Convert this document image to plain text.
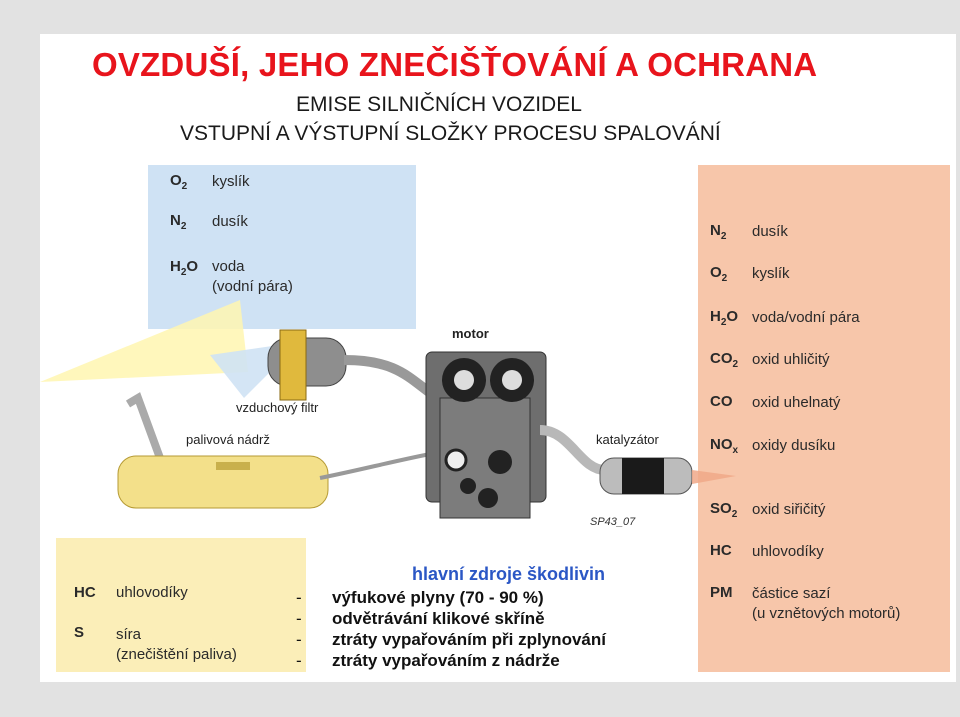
OVZDUŠÍ, JEHO ZNEČIŠŤOVÁNÍ A OCHRANA
EMISE SILNIČNÍCH VOZIDEL
VSTUPNÍ A VÝSTUPNÍ SLOŽKY PROCESU SPALOVÁNÍ
$O_2$ kyslík
$N_2$ dusík
$H_2O$ voda
(vodní pára)
HC uhlovodíky
S síra
(znečištění paliva)
$N_2$ dusík
$O_2$ kyslík
$H_2O$ voda/vodní pára
$CO_2$ oxid uhličitý
CO oxid uhelnatý
$NO_x$ oxidy dusíku
$SO_2$ oxid siřičitý
HC uhlovodíky
PM částice sazí
(u vznětových motorů)
motor
vzduchový filtr
palivová nádrž	katalyzátor
SP43_07
hlavní zdroje škodlivin
- výfukové plyny (70 - 90 %)
- odvětrávání klikové skříně
- ztráty vypařováním při zplynování
- ztráty vypařováním z nádrže
